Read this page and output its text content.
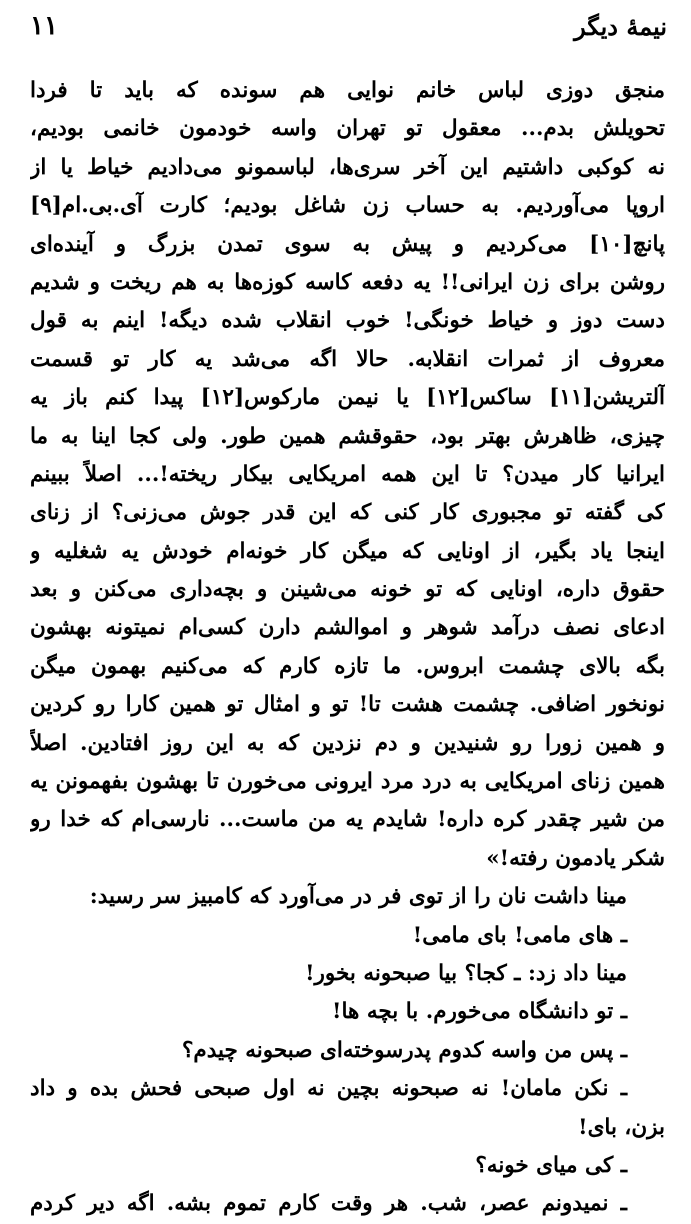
نیمهٔ دیگر
۱۱
منجق دوزی لباس خانم نوایی هم سونده که باید تا فردا
تحویلش بدم... معقول تو تهران واسه خودمون خانمی بودیم،
نه کوکبی داشتیم این آخر سری‌ها، لباسمونو می‌دادیم خیاط یا از
اروپا می‌آوردیم. به حساب زن شاغل بودیم؛ کارت آی.بی.ام[۹]
پانچ[۱۰] می‌کردیم و پیش به سوی تمدن بزرگ و آینده‌ای
روشن برای زن ایرانی!! یه دفعه کاسه کوزه‌ها به هم ریخت و شدیم
دست دوز و خیاط خونگی! خوب انقلاب شده دیگه! اینم به قول
معروف از ثمرات انقلابه. حالا اگه می‌شد یه کار تو قسمت
آلتریشن[۱۱] ساکس[۱۲] یا نیمن مارکوس[۱۲] پیدا کنم باز یه
چیزی، ظاهرش بهتر بود، حقوقشم همین طور. ولی کجا اینا به ما
ایرانیا کار میدن؟ تا این همه امریکایی بیکار ریخته!... اصلاً ببینم
کی گفته تو مجبوری کار کنی که این قدر جوش می‌زنی؟ از زنای
اینجا یاد بگیر، از اونایی که میگن کار خونه‌ام خودش یه شغلیه و
حقوق داره، اونایی که تو خونه می‌شینن و بچه‌داری می‌کنن و بعد
ادعای نصف درآمد شوهر و اموالشم دارن کسی‌ام نمیتونه بهشون
بگه بالای چشمت ابروس. ما تازه کارم که می‌کنیم بهمون میگن
نونخور اضافی. چشمت هشت تا! تو و امثال تو همین کارا رو کردین
و همین زورا رو شنیدین و دم نزدین که به این روز افتادین. اصلاً
همین زنای امریکایی به درد مرد ایرونی می‌خورن تا بهشون بفهمونن یه
من شیر چقدر کره داره! شایدم یه من ماست... نارسی‌ام که خدا رو
شکر یادمون رفته!»
مینا داشت نان را از توی فر در می‌آورد که کامبیز سر رسید:
ـ های مامی! بای مامی!
مینا داد زد: ـ کجا؟ بیا صبحونه بخور!
ـ تو دانشگاه می‌خورم. با بچه ها!
ـ پس من واسه کدوم پدرسوخته‌ای صبحونه چیدم؟
ـ نکن مامان! نه صبحونه بچین نه اول صبحی فحش بده و داد
بزن، بای!
ـ کی میای خونه؟
ـ نمیدونم عصر، شب. هر وقت کارم تموم بشه. اگه دیر کردم
